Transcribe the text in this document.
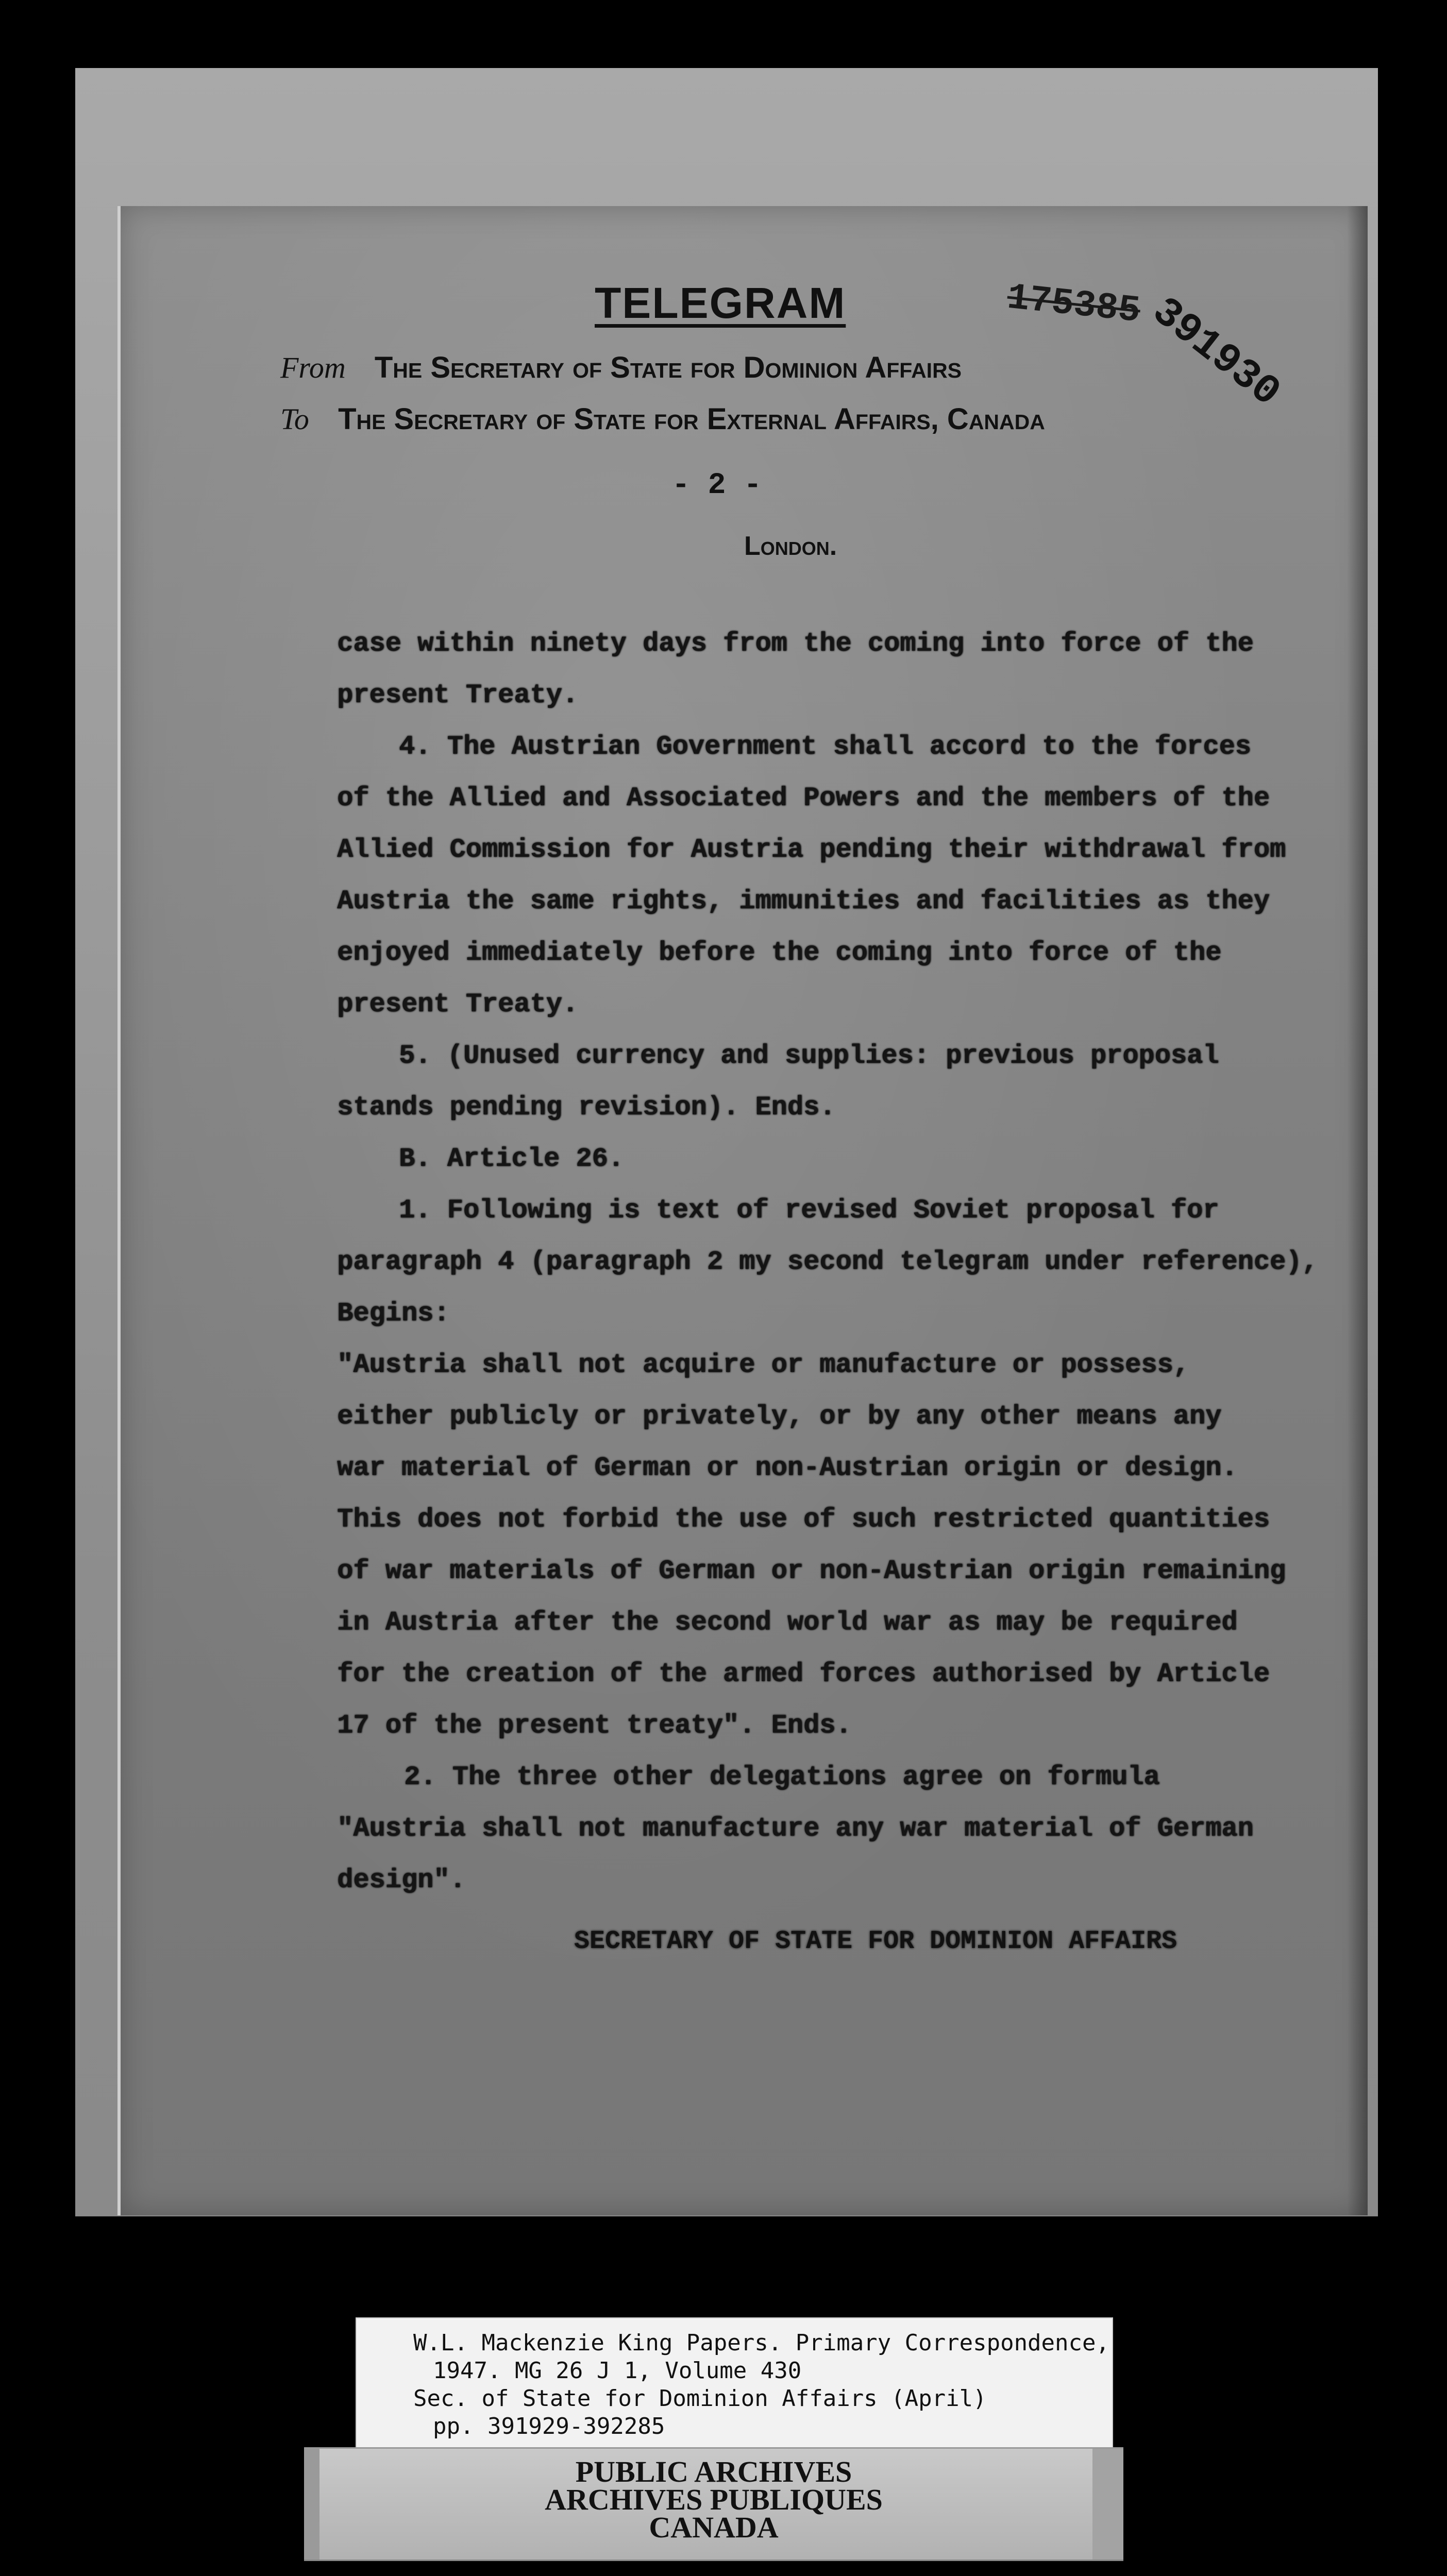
TELEGRAM	175385 391930
From The Secretary of State for Dominion Affairs
To The Secretary of State for External Affairs, Canada
- 2 -
London.
case within ninety days from the coming into force of the
present Treaty.
4. The Austrian Government shall accord to the forces
of the Allied and Associated Powers and the members of the
Allied Commission for Austria pending their withdrawal from
Austria the same rights, immunities and facilities as they
enjoyed immediately before the coming into force of the
present Treaty.
5. (Unused currency and supplies: previous proposal
stands pending revision). Ends.
B. Article 26.
1. Following is text of revised Soviet proposal for
paragraph 4 (paragraph 2 my second telegram under reference),
Begins:
"Austria shall not acquire or manufacture or possess,
either publicly or privately, or by any other means any
war material of German or non-Austrian origin or design.
This does not forbid the use of such restricted quantities
of war materials of German or non-Austrian origin remaining
in Austria after the second world war as may be required
for the creation of the armed forces authorised by Article
17 of the present treaty". Ends.
2. The three other delegations agree on formula
"Austria shall not manufacture any war material of German
design".
SECRETARY OF STATE FOR DOMINION AFFAIRS
W.L. Mackenzie King Papers. Primary Correspondence,
1947. MG 26 J 1, Volume 430
Sec. of State for Dominion Affairs (April)
pp. 391929-392285
PUBLIC ARCHIVES
ARCHIVES PUBLIQUES
CANADA
